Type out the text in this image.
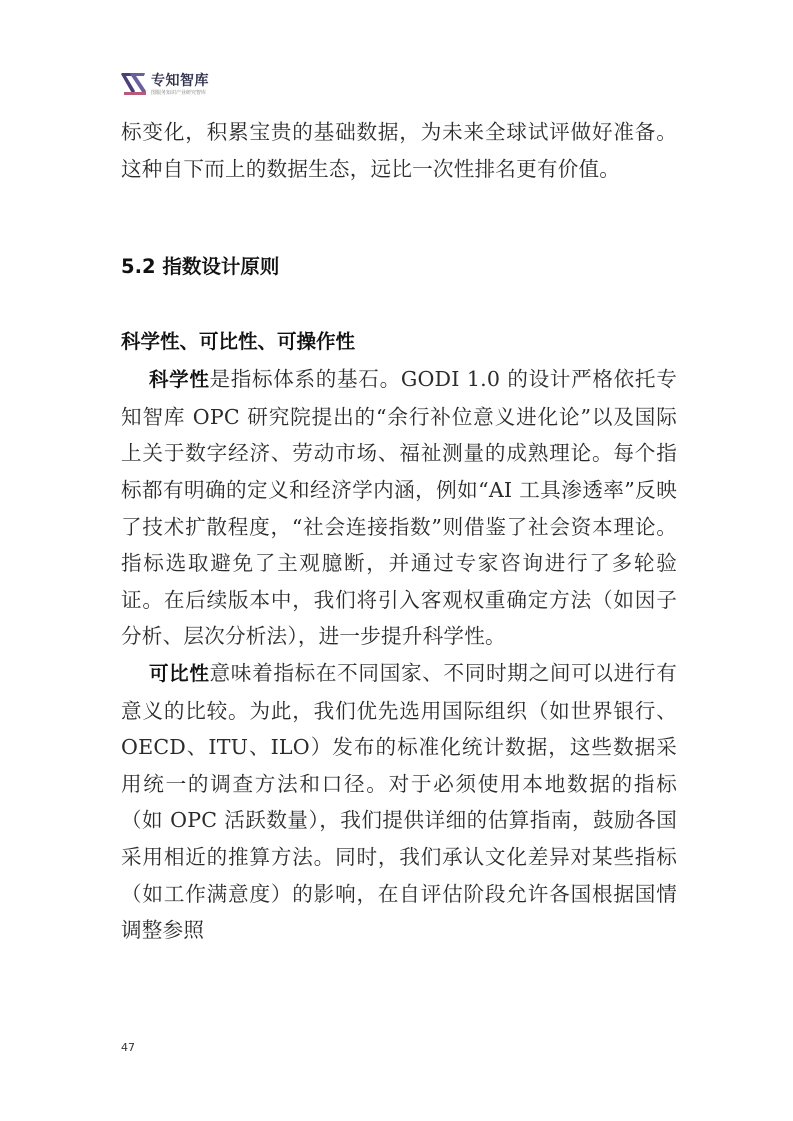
专知智库
图服务知识产业研究智库

标变化，积累宝贵的基础数据，为未来全球试评做好准备。这种自下而上的数据生态，远比一次性排名更有价值。

5.2 指数设计原则
科学性、可比性、可操作性

科学性是指标体系的基石。GODI 1.0 的设计严格依托专知智库 OPC 研究院提出的“余行补位意义进化论”以及国际上关于数字经济、劳动市场、福祉测量的成熟理论。每个指标都有明确的定义和经济学内涵，例如“AI 工具渗透率”反映了技术扩散程度，“社会连接指数”则借鉴了社会资本理论。指标选取避免了主观臆断，并通过专家咨询进行了多轮验证。在后续版本中，我们将引入客观权重确定方法（如因子分析、层次分析法），进一步提升科学性。

可比性意味着指标在不同国家、不同时期之间可以进行有意义的比较。为此，我们优先选用国际组织（如世界银行、OECD、ITU、ILO）发布的标准化统计数据，这些数据采用统一的调查方法和口径。对于必须使用本地数据的指标（如 OPC 活跃数量），我们提供详细的估算指南，鼓励各国采用相近的推算方法。同时，我们承认文化差异对某些指标（如工作满意度）的影响，在自评估阶段允许各国根据国情调整参照

47
